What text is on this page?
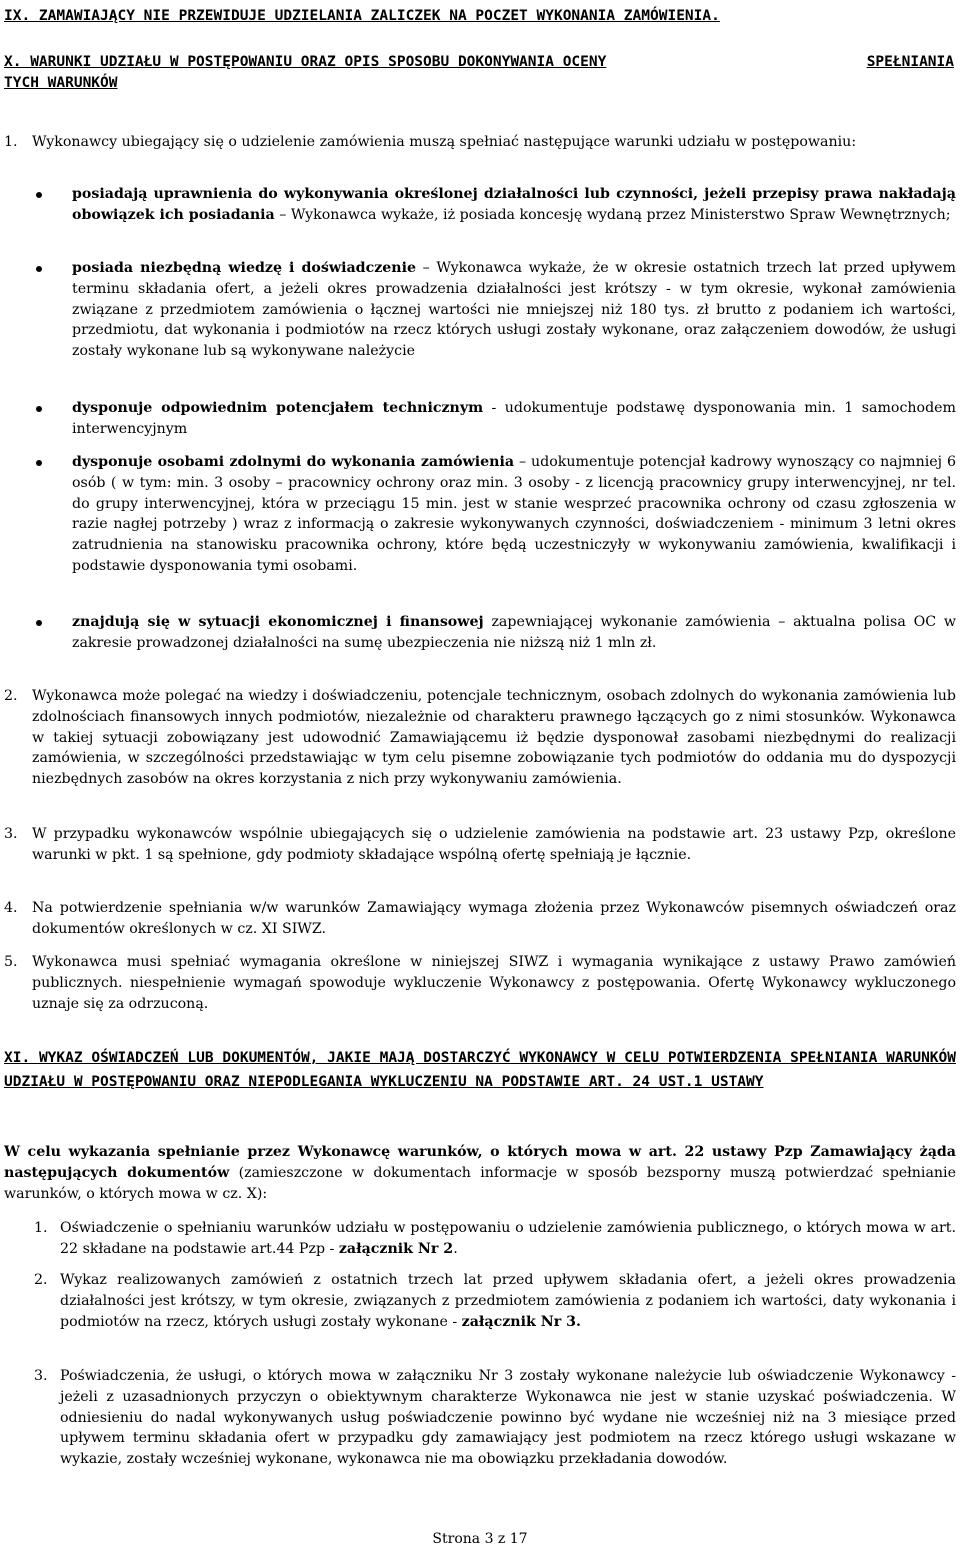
IX. ZAMAWIAJĄCY NIE PRZEWIDUJE UDZIELANIA ZALICZEK NA POCZET WYKONANIA ZAMÓWIENIA.
X. WARUNKI UDZIAŁU W POSTĘPOWANIU ORAZ OPIS SPOSOBU DOKONYWANIA OCENY	SPEŁNIANIA
TYCH WARUNKÓW
1. Wykonawcy ubiegający się o udzielenie zamówienia muszą spełniać następujące warunki udziału w postępowaniu:
posiadają uprawnienia do wykonywania określonej działalności lub czynności, jeżeli przepisy prawa nakładają obowiązek ich posiadania – Wykonawca wykaże, iż posiada koncesję wydaną przez Ministerstwo Spraw Wewnętrznych;
posiada niezbędną wiedzę i doświadczenie – Wykonawca wykaże, że w okresie ostatnich trzech lat przed upływem terminu składania ofert, a jeżeli okres prowadzenia działalności jest krótszy - w tym okresie, wykonał zamówienia związane z przedmiotem zamówienia o łącznej wartości nie mniejszej niż 180 tys. zł brutto z podaniem ich wartości, przedmiotu, dat wykonania i podmiotów na rzecz których usługi zostały wykonane, oraz załączeniem dowodów, że usługi zostały wykonane lub są wykonywane należycie
dysponuje odpowiednim potencjałem technicznym - udokumentuje podstawę dysponowania min. 1 samochodem interwencyjnym
dysponuje osobami zdolnymi do wykonania zamówienia – udokumentuje potencjał kadrowy wynoszący co najmniej 6 osób ( w tym: min. 3 osoby – pracownicy ochrony oraz min. 3 osoby - z licencją pracownicy grupy interwencyjnej, nr tel. do grupy interwencyjnej, która w przeciągu 15 min. jest w stanie wesprzeć pracownika ochrony od czasu zgłoszenia w razie nagłej potrzeby ) wraz z informacją o zakresie wykonywanych czynności, doświadczeniem - minimum 3 letni okres zatrudnienia na stanowisku pracownika ochrony, które będą uczestniczyły w wykonywaniu zamówienia, kwalifikacji i podstawie dysponowania tymi osobami.
znajdują się w sytuacji ekonomicznej i finansowej zapewniającej wykonanie zamówienia – aktualna polisa OC w zakresie prowadzonej działalności na sumę ubezpieczenia nie niższą niż 1 mln zł.
2. Wykonawca może polegać na wiedzy i doświadczeniu, potencjale technicznym, osobach zdolnych do wykonania zamówienia lub zdolnościach finansowych innych podmiotów, niezależnie od charakteru prawnego łączących go z nimi stosunków. Wykonawca w takiej sytuacji zobowiązany jest udowodnić Zamawiającemu iż będzie dysponował zasobami niezbędnymi do realizacji zamówienia, w szczególności przedstawiając w tym celu pisemne zobowiązanie tych podmiotów do oddania mu do dyspozycji niezbędnych zasobów na okres korzystania z nich przy wykonywaniu zamówienia.
3. W przypadku wykonawców wspólnie ubiegających się o udzielenie zamówienia na podstawie art. 23 ustawy Pzp, określone warunki w pkt. 1 są spełnione, gdy podmioty składające wspólną ofertę spełniają je łącznie.
4. Na potwierdzenie spełniania w/w warunków Zamawiający wymaga złożenia przez Wykonawców pisemnych oświadczeń oraz dokumentów określonych w cz. XI SIWZ.
5. Wykonawca musi spełniać wymagania określone w niniejszej SIWZ i wymagania wynikające z ustawy Prawo zamówień publicznych. niespełnienie wymagań spowoduje wykluczenie Wykonawcy z postępowania. Ofertę Wykonawcy wykluczonego uznaje się za odrzuconą.
XI. WYKAZ OŚWIADCZEŃ LUB DOKUMENTÓW, JAKIE MAJĄ DOSTARCZYĆ WYKONAWCY W CELU POTWIERDZENIA SPEŁNIANIA WARUNKÓW UDZIAŁU W POSTĘPOWANIU ORAZ NIEPODLEGANIA WYKLUCZENIU NA PODSTAWIE ART. 24 UST.1 USTAWY
W celu wykazania spełnianie przez Wykonawcę warunków, o których mowa w art. 22 ustawy Pzp Zamawiający żąda następujących dokumentów (zamieszczone w dokumentach informacje w sposób bezsporny muszą potwierdzać spełnianie warunków, o których mowa w cz. X):
1. Oświadczenie o spełnianiu warunków udziału w postępowaniu o udzielenie zamówienia publicznego, o których mowa w art. 22 składane na podstawie art.44 Pzp - załącznik Nr 2.
2. Wykaz realizowanych zamówień z ostatnich trzech lat przed upływem składania ofert, a jeżeli okres prowadzenia działalności jest krótszy, w tym okresie, związanych z przedmiotem zamówienia z podaniem ich wartości, daty wykonania i podmiotów na rzecz, których usługi zostały wykonane - załącznik Nr 3.
3. Poświadczenia, że usługi, o których mowa w załączniku Nr 3 zostały wykonane należycie lub oświadczenie Wykonawcy - jeżeli z uzasadnionych przyczyn o obiektywnym charakterze Wykonawca nie jest w stanie uzyskać poświadczenia. W odniesieniu do nadal wykonywanych usług poświadczenie powinno być wydane nie wcześniej niż na 3 miesiące przed upływem terminu składania ofert w przypadku gdy zamawiający jest podmiotem na rzecz którego usługi wskazane w wykazie, zostały wcześniej wykonane, wykonawca nie ma obowiązku przekładania dowodów.
Strona 3 z 17
